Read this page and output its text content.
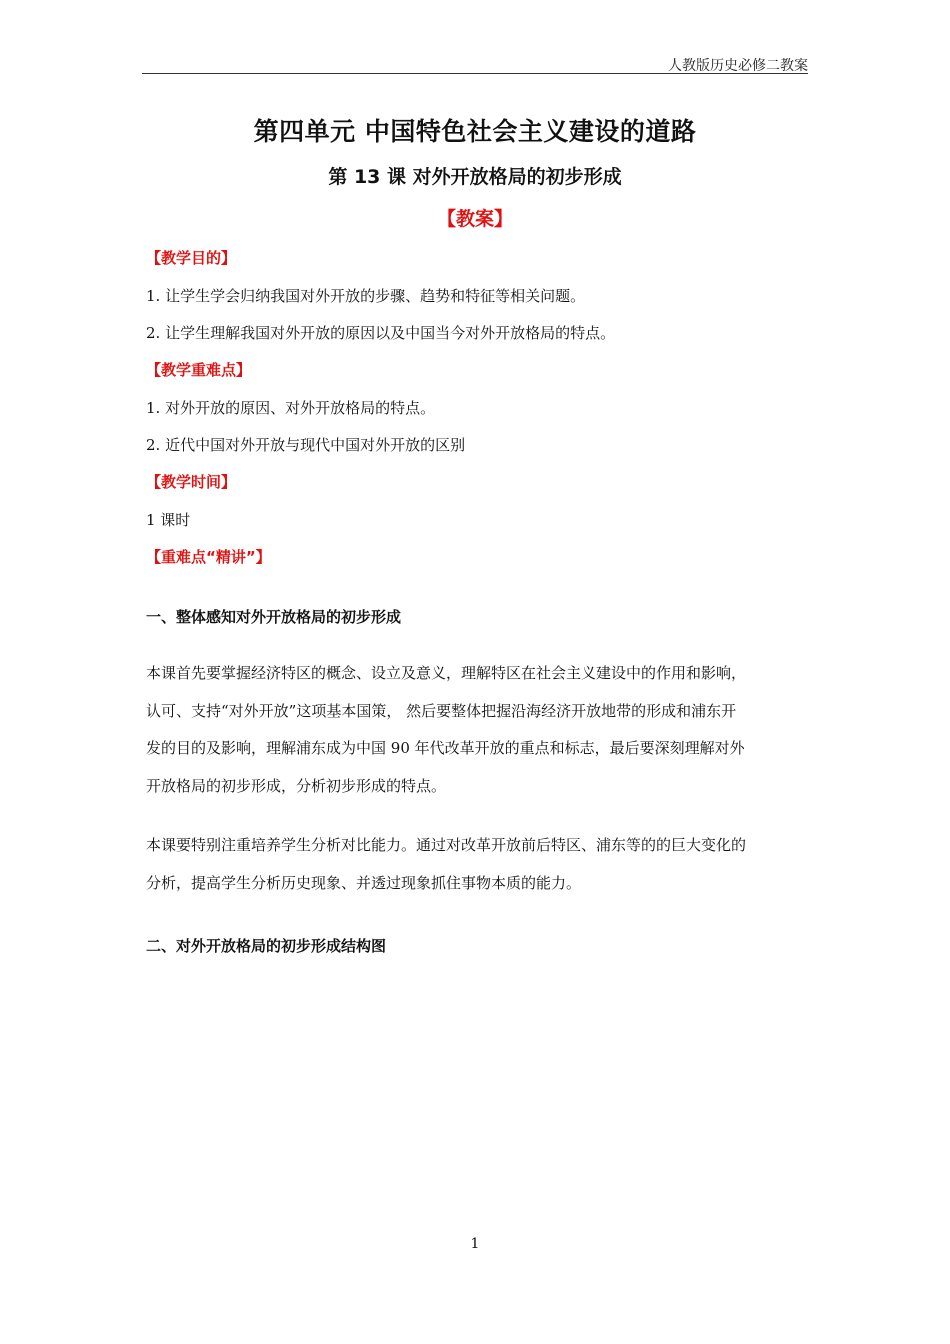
人教版历史必修二教案
第四单元 中国特色社会主义建设的道路
第 13 课 对外开放格局的初步形成
【教案】
【教学目的】
1. 让学生学会归纳我国对外开放的步骤、趋势和特征等相关问题。
2. 让学生理解我国对外开放的原因以及中国当今对外开放格局的特点。
【教学重难点】
1. 对外开放的原因、对外开放格局的特点。
2. 近代中国对外开放与现代中国对外开放的区别
【教学时间】
1 课时
【重难点“精讲”】
一、整体感知对外开放格局的初步形成
本课首先要掌握经济特区的概念、设立及意义，理解特区在社会主义建设中的作用和影响，
认可、支持“对外开放”这项基本国策， 然后要整体把握沿海经济开放地带的形成和浦东开
发的目的及影响，理解浦东成为中国 90 年代改革开放的重点和标志，最后要深刻理解对外
开放格局的初步形成，分析初步形成的特点。
本课要特别注重培养学生分析对比能力。通过对改革开放前后特区、浦东等的的巨大变化的
分析，提高学生分析历史现象、并透过现象抓住事物本质的能力。
二、对外开放格局的初步形成结构图
1
